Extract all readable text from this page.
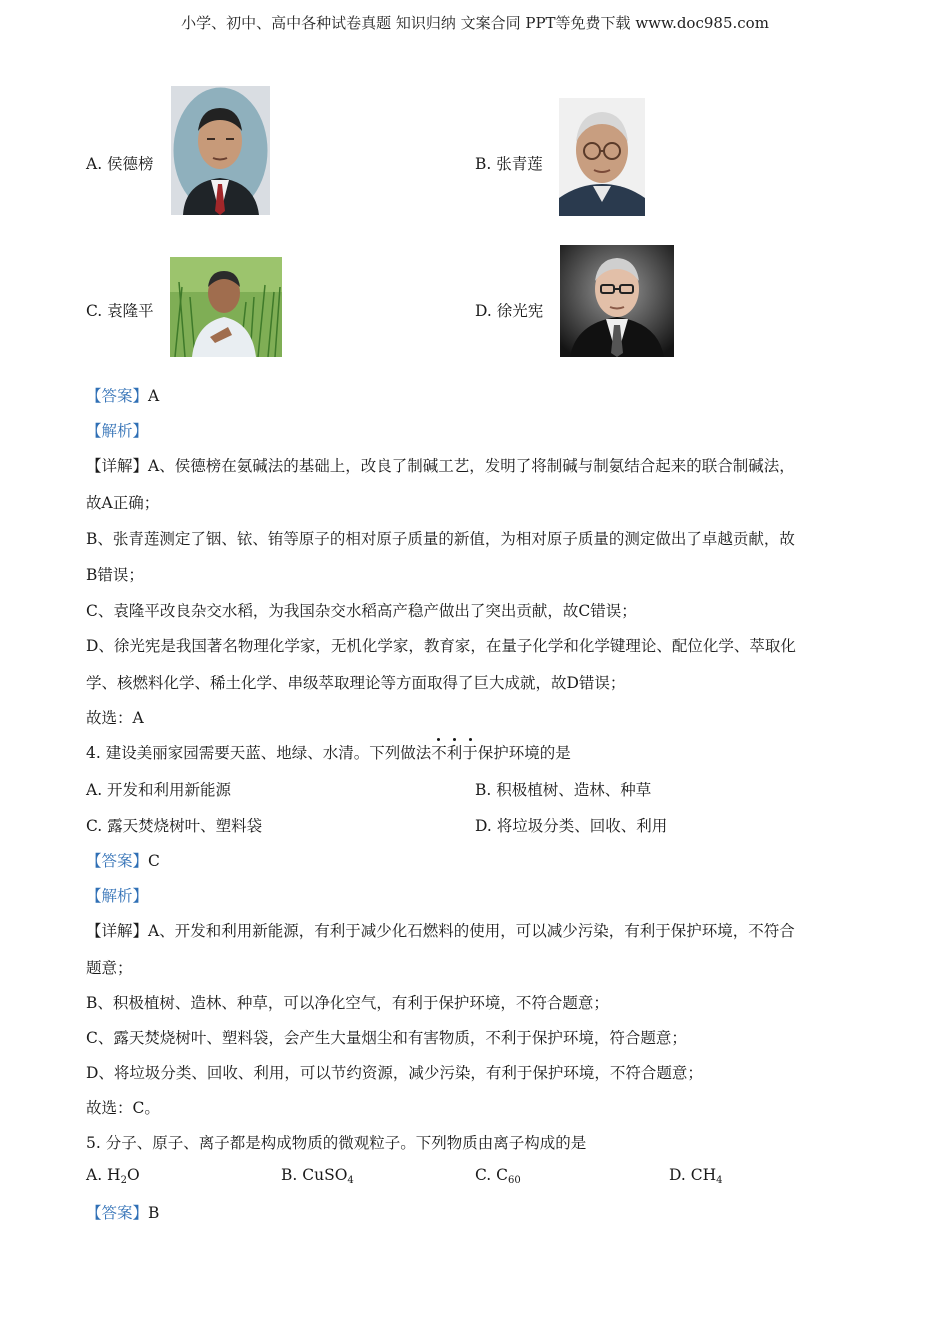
小学、初中、高中各种试卷真题 知识归纳 文案合同 PPT等免费下载 www.doc985.com
A. 侯德榜	B. 张青莲
C. 袁隆平	D. 徐光宪
【答案】A
【解析】
【详解】A、侯德榜在氨碱法的基础上，改良了制碱工艺，发明了将制碱与制氨结合起来的联合制碱法，
故A正确；
B、张青莲测定了铟、铱、铕等原子的相对原子质量的新值，为相对原子质量的测定做出了卓越贡献，故
B错误；
C、袁隆平改良杂交水稻，为我国杂交水稻高产稳产做出了突出贡献，故C错误；
D、徐光宪是我国著名物理化学家，无机化学家，教育家，在量子化学和化学键理论、配位化学、萃取化
学、核燃料化学、稀土化学、串级萃取理论等方面取得了巨大成就，故D错误；
故选：A
4. 建设美丽家园需要天蓝、地绿、水清。下列做法不利于保护环境的是
A. 开发和利用新能源	B. 积极植树、造林、种草
C. 露天焚烧树叶、塑料袋	D. 将垃圾分类、回收、利用
【答案】C
【解析】
【详解】A、开发和利用新能源，有利于减少化石燃料的使用，可以减少污染，有利于保护环境，不符合
题意；
B、积极植树、造林、种草，可以净化空气，有利于保护环境，不符合题意；
C、露天焚烧树叶、塑料袋，会产生大量烟尘和有害物质，不利于保护环境，符合题意；
D、将垃圾分类、回收、利用，可以节约资源，减少污染，有利于保护环境，不符合题意；
故选：C。
5. 分子、原子、离子都是构成物质的微观粒子。下列物质由离子构成的是
A. $H_2O$	B. CuSO$_4$	C. $C_{60}$	D. $CH_4$
【答案】B
